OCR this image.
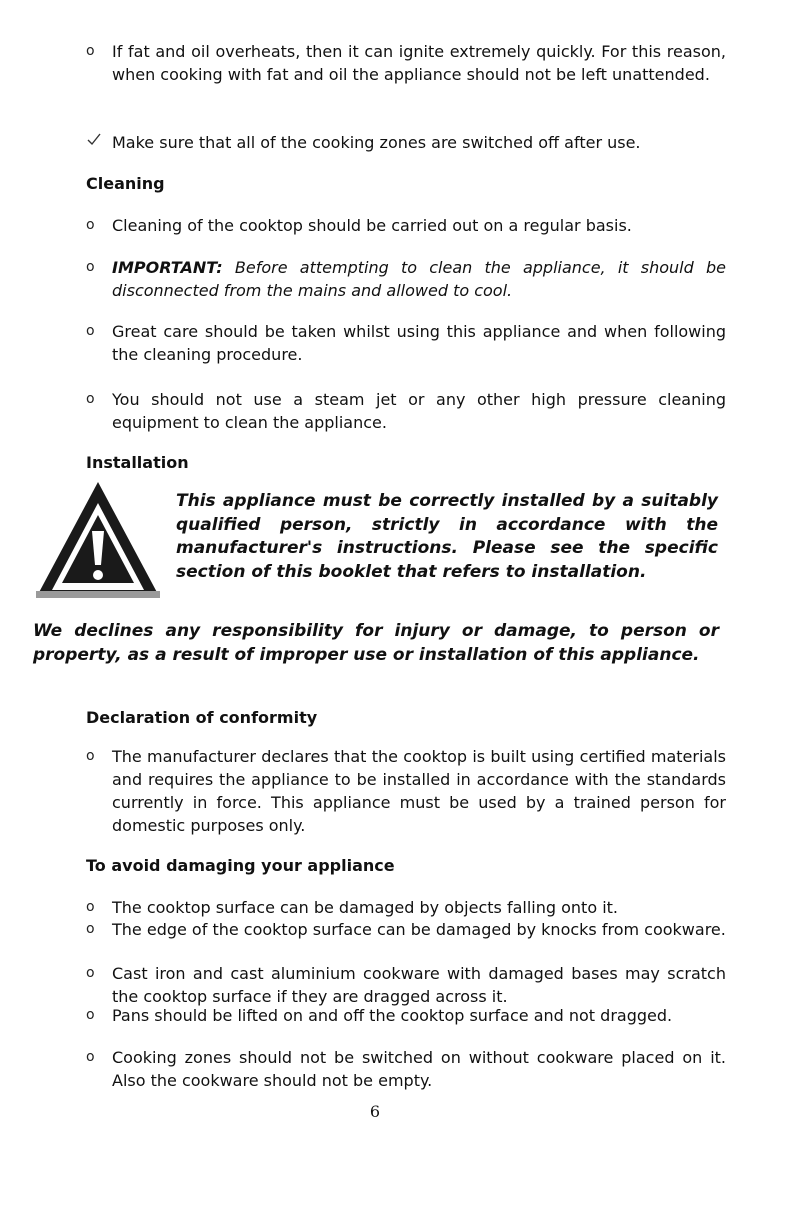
o	If fat and oil overheats, then it can ignite extremely quickly. For this reason, when cooking with fat and oil the appliance should not be left unattended.
Make sure that all of the cooking zones are switched off after use.
Cleaning
o	Cleaning of the cooktop should be carried out on a regular basis.
o	IMPORTANT: Before attempting to clean the appliance, it should be disconnected from the mains and allowed to cool.
o	Great care should be taken whilst using this appliance and when following the cleaning procedure.
o	You should not use a steam jet or any other high pressure cleaning equipment to clean the appliance.
Installation
This appliance must be correctly installed by a suitably qualified person, strictly in accordance with the manufacturer's instructions. Please see the specific section of this booklet that refers to installation.
We declines any responsibility for injury or damage, to person or property, as a result of improper use or installation of this appliance.
Declaration of conformity
o	The manufacturer declares that the cooktop is built using certified materials and requires the appliance to be installed in accordance with the standards currently in force. This appliance must be used by a trained person for domestic purposes only.
To avoid damaging your appliance
o	The cooktop surface can be damaged by objects falling onto it.
o	The edge of the cooktop surface can be damaged by knocks from cookware.
o	Cast iron and cast aluminium cookware with damaged bases may scratch the cooktop surface if they are dragged across it.
o	Pans should be lifted on and off the cooktop surface and not dragged.
o	Cooking zones should not be switched on without cookware placed on it. Also the cookware should not be empty.
6
